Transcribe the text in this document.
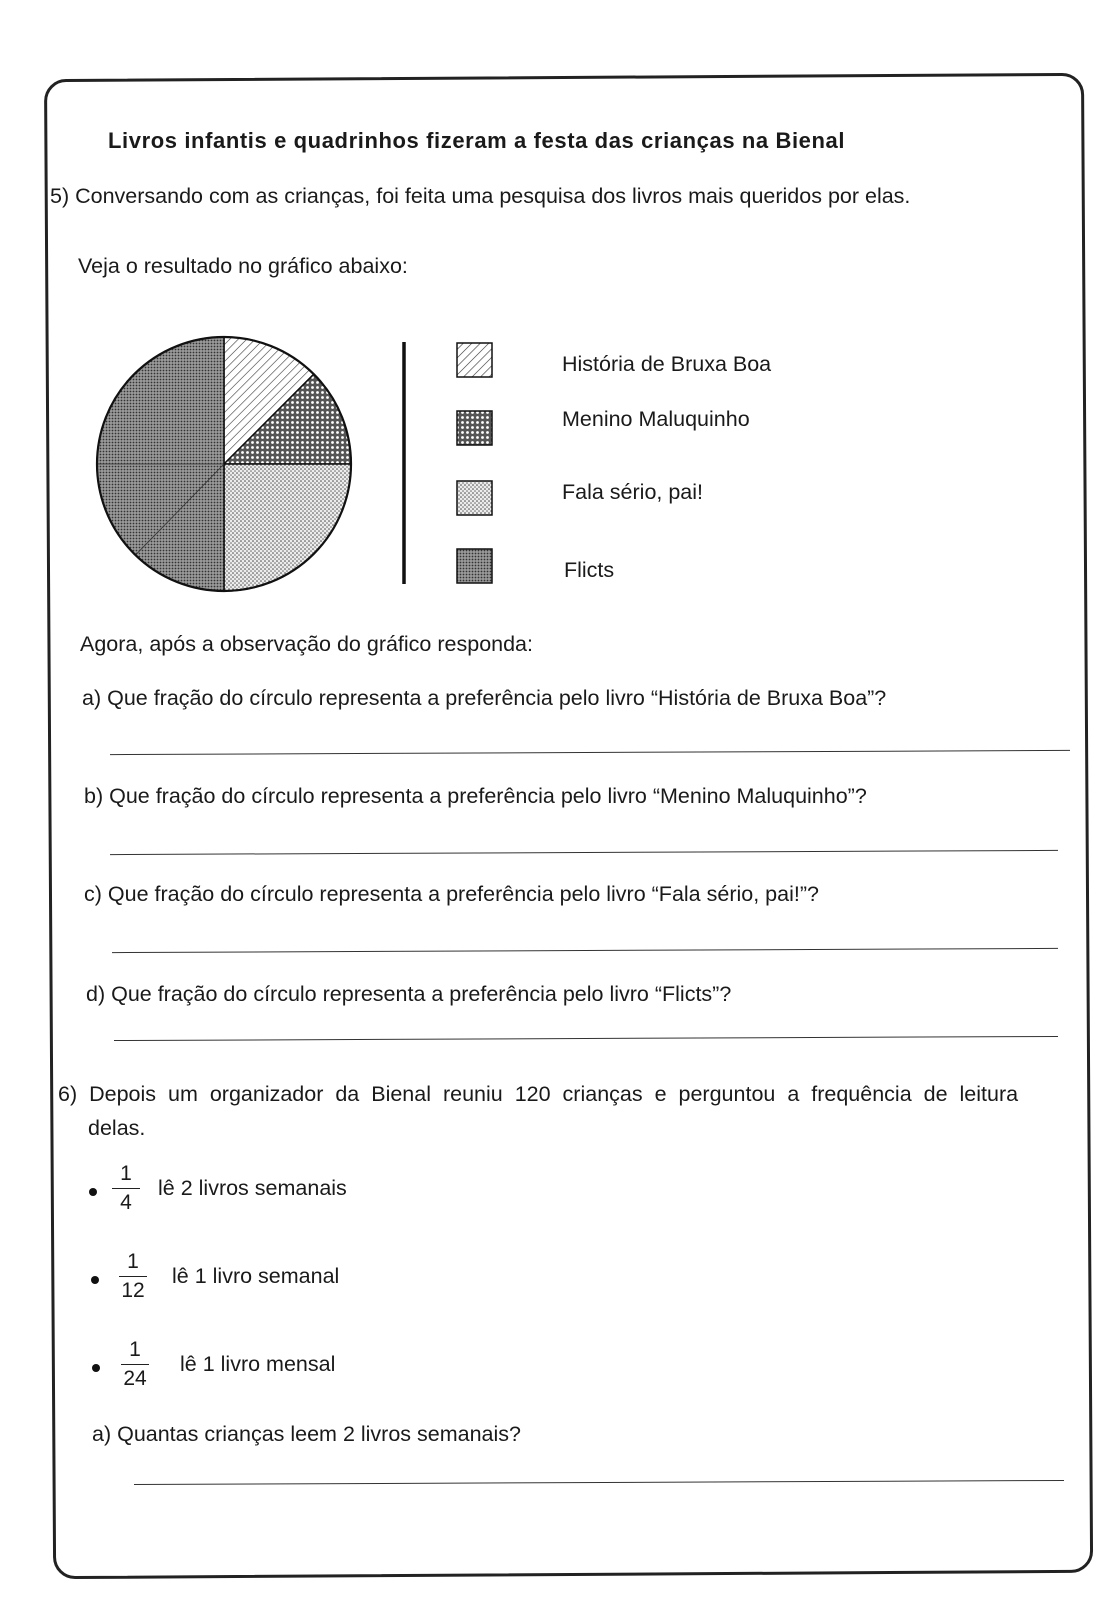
Livros infantis e quadrinhos fizeram a festa das crianças na Bienal
5) Conversando com as crianças, foi feita uma pesquisa dos livros mais queridos por elas.
Veja o resultado no gráfico abaixo:
História de Bruxa Boa
Menino Maluquinho
Fala sério, pai!
Flicts
Agora, após a observação do gráfico responda:
a) Que fração do círculo representa a preferência pelo livro “História de Bruxa Boa”?
b) Que fração do círculo representa a preferência pelo livro “Menino Maluquinho”?
c) Que fração do círculo representa a preferência pelo livro “Fala sério, pai!”?
d) Que fração do círculo representa a preferência pelo livro “Flicts”?
6) Depois um organizador da Bienal reuniu 120 crianças e perguntou a frequência de leitura
delas.
1
4
lê 2 livros semanais
1
12
lê 1 livro semanal
1
24
lê 1 livro mensal
a) Quantas crianças leem 2 livros semanais?
